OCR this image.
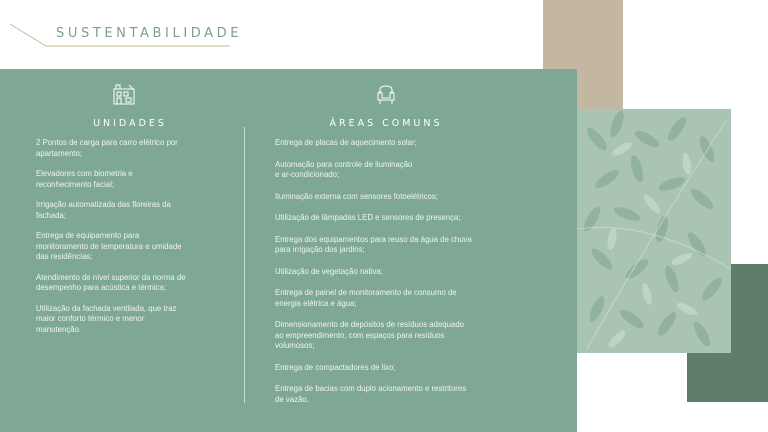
SUSTENTABILIDADE
UNIDADES	ÁREAS COMUNS
2 Pontos de carga para carro elétrico por
apartamento;
Elevadores com biometria e
reconhecimento facial;
Irrigação automatizada das floreiras da
fachada;
Entrega de equipamento para
monitoramento de temperatura e umidade
das residências;
Atendimento de nível superior da norma de
desempenho para acústica e térmica;
Utilização da fachada ventilada, que traz
maior conforto térmico e menor
manutenção.
Entrega de placas de aquecimento solar;
Automação para controle de iluminação
e ar-condicionado;
Iluminação externa com sensores fotoelétricos;
Utilização de lâmpadas LED e sensores de presença;
Entrega dos equipamentos para reuso da água de chuva
para irrigação dos jardins;
Utilização de vegetação nativa;
Entrega de painel de monitoramento de consumo de
energia elétrica e água;
Dimensionamento de depósitos de resíduos adequado
ao empreendimento, com espaços para resíduos
volumosos;
Entrega de compactadores de lixo;
Entrega de bacias com duplo acionamento e restritores
de vazão.
